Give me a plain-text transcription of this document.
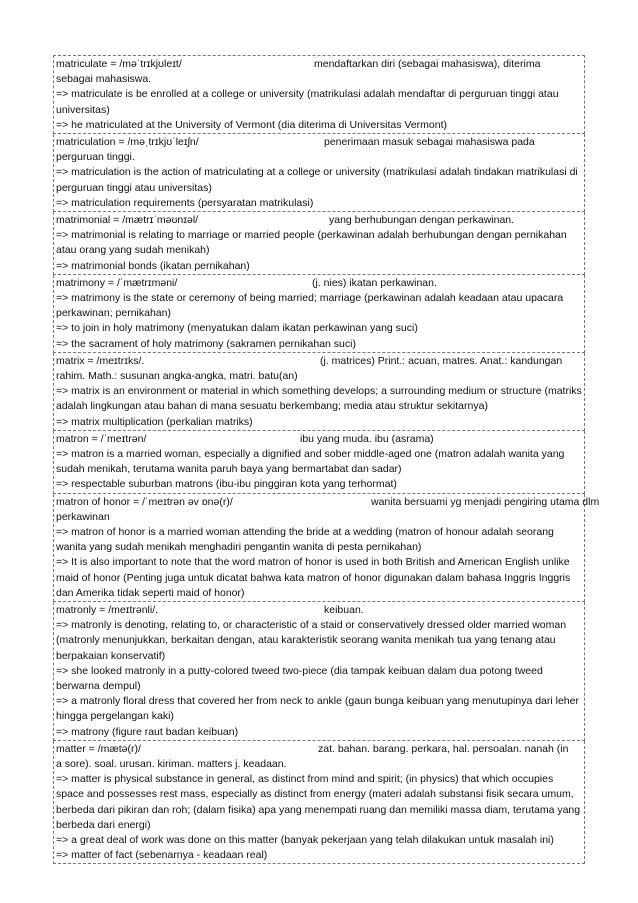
matriculate = /məˈtrɪkjʊleɪt/	mendaftarkan diri (sebagai mahasiswa), diterima
sebagai mahasiswa.
=> matriculate is be enrolled at a college or university (matrikulasi adalah mendaftar di perguruan tinggi atau universitas)
=> he matriculated at the University of Vermont (dia diterima di Universitas Vermont)
matriculation = /məˌtrɪkjʊˈleɪʃn/	penerimaan masuk sebagai mahasiswa pada
perguruan tinggi.
=> matriculation is the action of matriculating at a college or university (matrikulasi adalah tindakan matrikulasi di perguruan tinggi atau universitas)
=> matriculation requirements (persyaratan matrikulasi)
matrimonial = /mætrɪˈməʊnɪəl/	yang berhubungan dengan perkawinan.
=> matrimonial is relating to marriage or married people (perkawinan adalah berhubungan dengan pernikahan atau orang yang sudah menikah)
=> matrimonial bonds (ikatan pernikahan)
matrimony = /ˈmætrɪməni/	(j. nies) ikatan perkawinan.
=> matrimony is the state or ceremony of being married; marriage (perkawinan adalah keadaan atau upacara perkawinan; pernikahan)
=> to join in holy matrimony (menyatukan dalam ikatan perkawinan yang suci)
=> the sacrament of holy matrimony (sakramen pernikahan suci)
matrix = /meɪtrɪks/.	(j. matrices) Print.: acuan, matres. Anat.: kandungan
rahim. Math.: susunan angka-angka, matri. batu(an)
=> matrix is an environment or material in which something develops; a surrounding medium or structure (matriks adalah lingkungan atau bahan di mana sesuatu berkembang; media atau struktur sekitarnya)
=> matrix multiplication (perkalian matriks)
matron = /ˈmeɪtrən/	ibu yang muda. ibu (asrama)
=> matron is a married woman, especially a dignified and sober middle-aged one (matron adalah wanita yang sudah menikah, terutama wanita paruh baya yang bermartabat dan sadar)
=> respectable suburban matrons (ibu-ibu pinggiran kota yang terhormat)
matron of honor = /ˈmeɪtrən əv ɒnə(r)/	wanita bersuami yg menjadi pengiring utama dlm
perkawinan
=> matron of honor is a married woman attending the bride at a wedding (matron of honour adalah seorang wanita yang sudah menikah menghadiri pengantin wanita di pesta pernikahan)
=> It is also important to note that the word matron of honor is used in both British and American English unlike maid of honor (Penting juga untuk dicatat bahwa kata matron of honor digunakan dalam bahasa Inggris Inggris dan Amerika tidak seperti maid of honor)
matronly = /meɪtrənli/.	keibuan.
=> matronly is denoting, relating to, or characteristic of a staid or conservatively dressed older married woman (matronly menunjukkan, berkaitan dengan, atau karakteristik seorang wanita menikah tua yang tenang atau berpakaian konservatif)
=> she looked matronly in a putty-colored tweed two-piece (dia tampak keibuan dalam dua potong tweed berwarna dempul)
=> a matronly floral dress that covered her from neck to ankle (gaun bunga keibuan yang menutupinya dari leher hingga pergelangan kaki)
=> matrony (figure raut badan keibuan)
matter = /mætə(r)/	zat. bahan. barang. perkara, hal. persoalan. nanah (in
a sore). soal. urusan. kiriman. matters j. keadaan.
=> matter is physical substance in general, as distinct from mind and spirit; (in physics) that which occupies space and possesses rest mass, especially as distinct from energy (materi adalah substansi fisik secara umum, berbeda dari pikiran dan roh; (dalam fisika) apa yang menempati ruang dan memiliki massa diam, terutama yang berbeda dari energi)
=> a great deal of work was done on this matter (banyak pekerjaan yang telah dilakukan untuk masalah ini)
=> matter of fact (sebenarnya - keadaan real)
